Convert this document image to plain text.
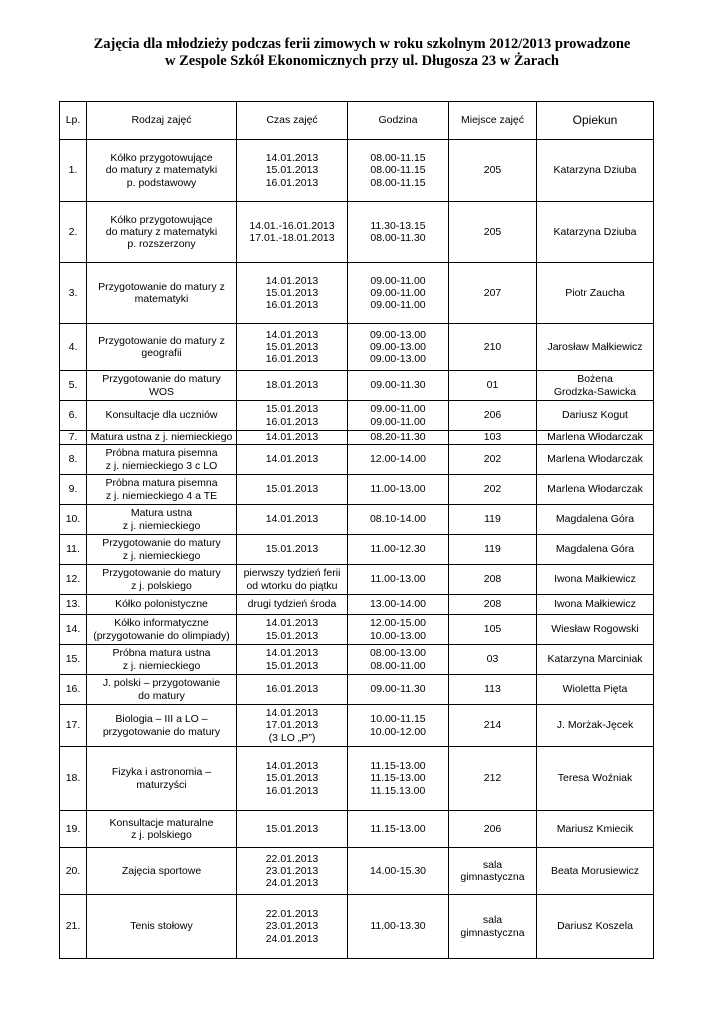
Zajęcia dla młodzieży podczas ferii zimowych w roku szkolnym 2012/2013 prowadzone
w Zespole Szkół Ekonomicznych przy ul. Długosza 23 w Żarach
Lp.	Rodzaj zajęć	Czas zajęć	Godzina	Miejsce zajęć	Opiekun
1.	Kółko przygotowujące
do matury z matematyki
p. podstawowy	14.01.2013
15.01.2013
16.01.2013	08.00-11.15
08.00-11.15
08.00-11.15	205	Katarzyna Dziuba
2.	Kółko przygotowujące
do matury z matematyki
p. rozszerzony	14.01.-16.01.2013
17.01.-18.01.2013	11.30-13.15
08.00-11.30	205	Katarzyna Dziuba
3.	Przygotowanie do matury z
matematyki	14.01.2013
15.01.2013
16.01.2013	09.00-11.00
09.00-11.00
09.00-11.00	207	Piotr Zaucha
4.	Przygotowanie do matury z
geografii	14.01.2013
15.01.2013
16.01.2013	09.00-13.00
09.00-13.00
09.00-13.00	210	Jarosław Małkiewicz
5.	Przygotowanie do matury
WOS	18.01.2013	09.00-11.30	01	Bożena
Grodzka-Sawicka
6.	Konsultacje dla uczniów	15.01.2013
16.01.2013	09.00-11.00
09.00-11.00	206	Dariusz Kogut
7.	Matura ustna z j. niemieckiego	14.01.2013	08.20-11.30	103	Marlena Włodarczak
8.	Próbna matura pisemna
z j. niemieckiego 3 c LO	14.01.2013	12.00-14.00	202	Marlena Włodarczak
9.	Próbna matura pisemna
z j. niemieckiego 4 a TE	15.01.2013	11.00-13.00	202	Marlena Włodarczak
10.	Matura ustna
z j. niemieckiego	14.01.2013	08.10-14.00	119	Magdalena Góra
11.	Przygotowanie do matury
z j. niemieckiego	15.01.2013	11.00-12.30	119	Magdalena Góra
12.	Przygotowanie do matury
z j. polskiego	pierwszy tydzień ferii
od wtorku do piątku	11.00-13.00	208	Iwona Małkiewicz
13.	Kółko polonistyczne	drugi tydzień środa	13.00-14.00	208	Iwona Małkiewicz
14.	Kółko informatyczne
(przygotowanie do olimpiady)	14.01.2013
15.01.2013	12.00-15.00
10.00-13.00	105	Wiesław Rogowski
15.	Próbna matura ustna
z j. niemieckiego	14.01.2013
15.01.2013	08.00-13.00
08.00-11.00	03	Katarzyna Marciniak
16.	J. polski – przygotowanie
do matury	16.01.2013	09.00-11.30	113	Wioletta Pięta
17.	Biologia – III a LO –
przygotowanie do matury	14.01.2013
17.01.2013
(3 LO „P”)	10.00-11.15
10.00-12.00	214	J. Morżak-Jęcek
18.	Fizyka i astronomia –
maturzyści	14.01.2013
15.01.2013
16.01.2013	11.15-13.00
11.15-13.00
11.15.13.00	212	Teresa Woźniak
19.	Konsultacje maturalne
z j. polskiego	15.01.2013	11.15-13.00	206	Mariusz Kmiecik
20.	Zajęcia sportowe	22.01.2013
23.01.2013
24.01.2013	14.00-15.30	sala
gimnastyczna	Beata Morusiewicz
21.	Tenis stołowy	22.01.2013
23.01.2013
24.01.2013	11.00-13.30	sala
gimnastyczna	Dariusz Koszela
